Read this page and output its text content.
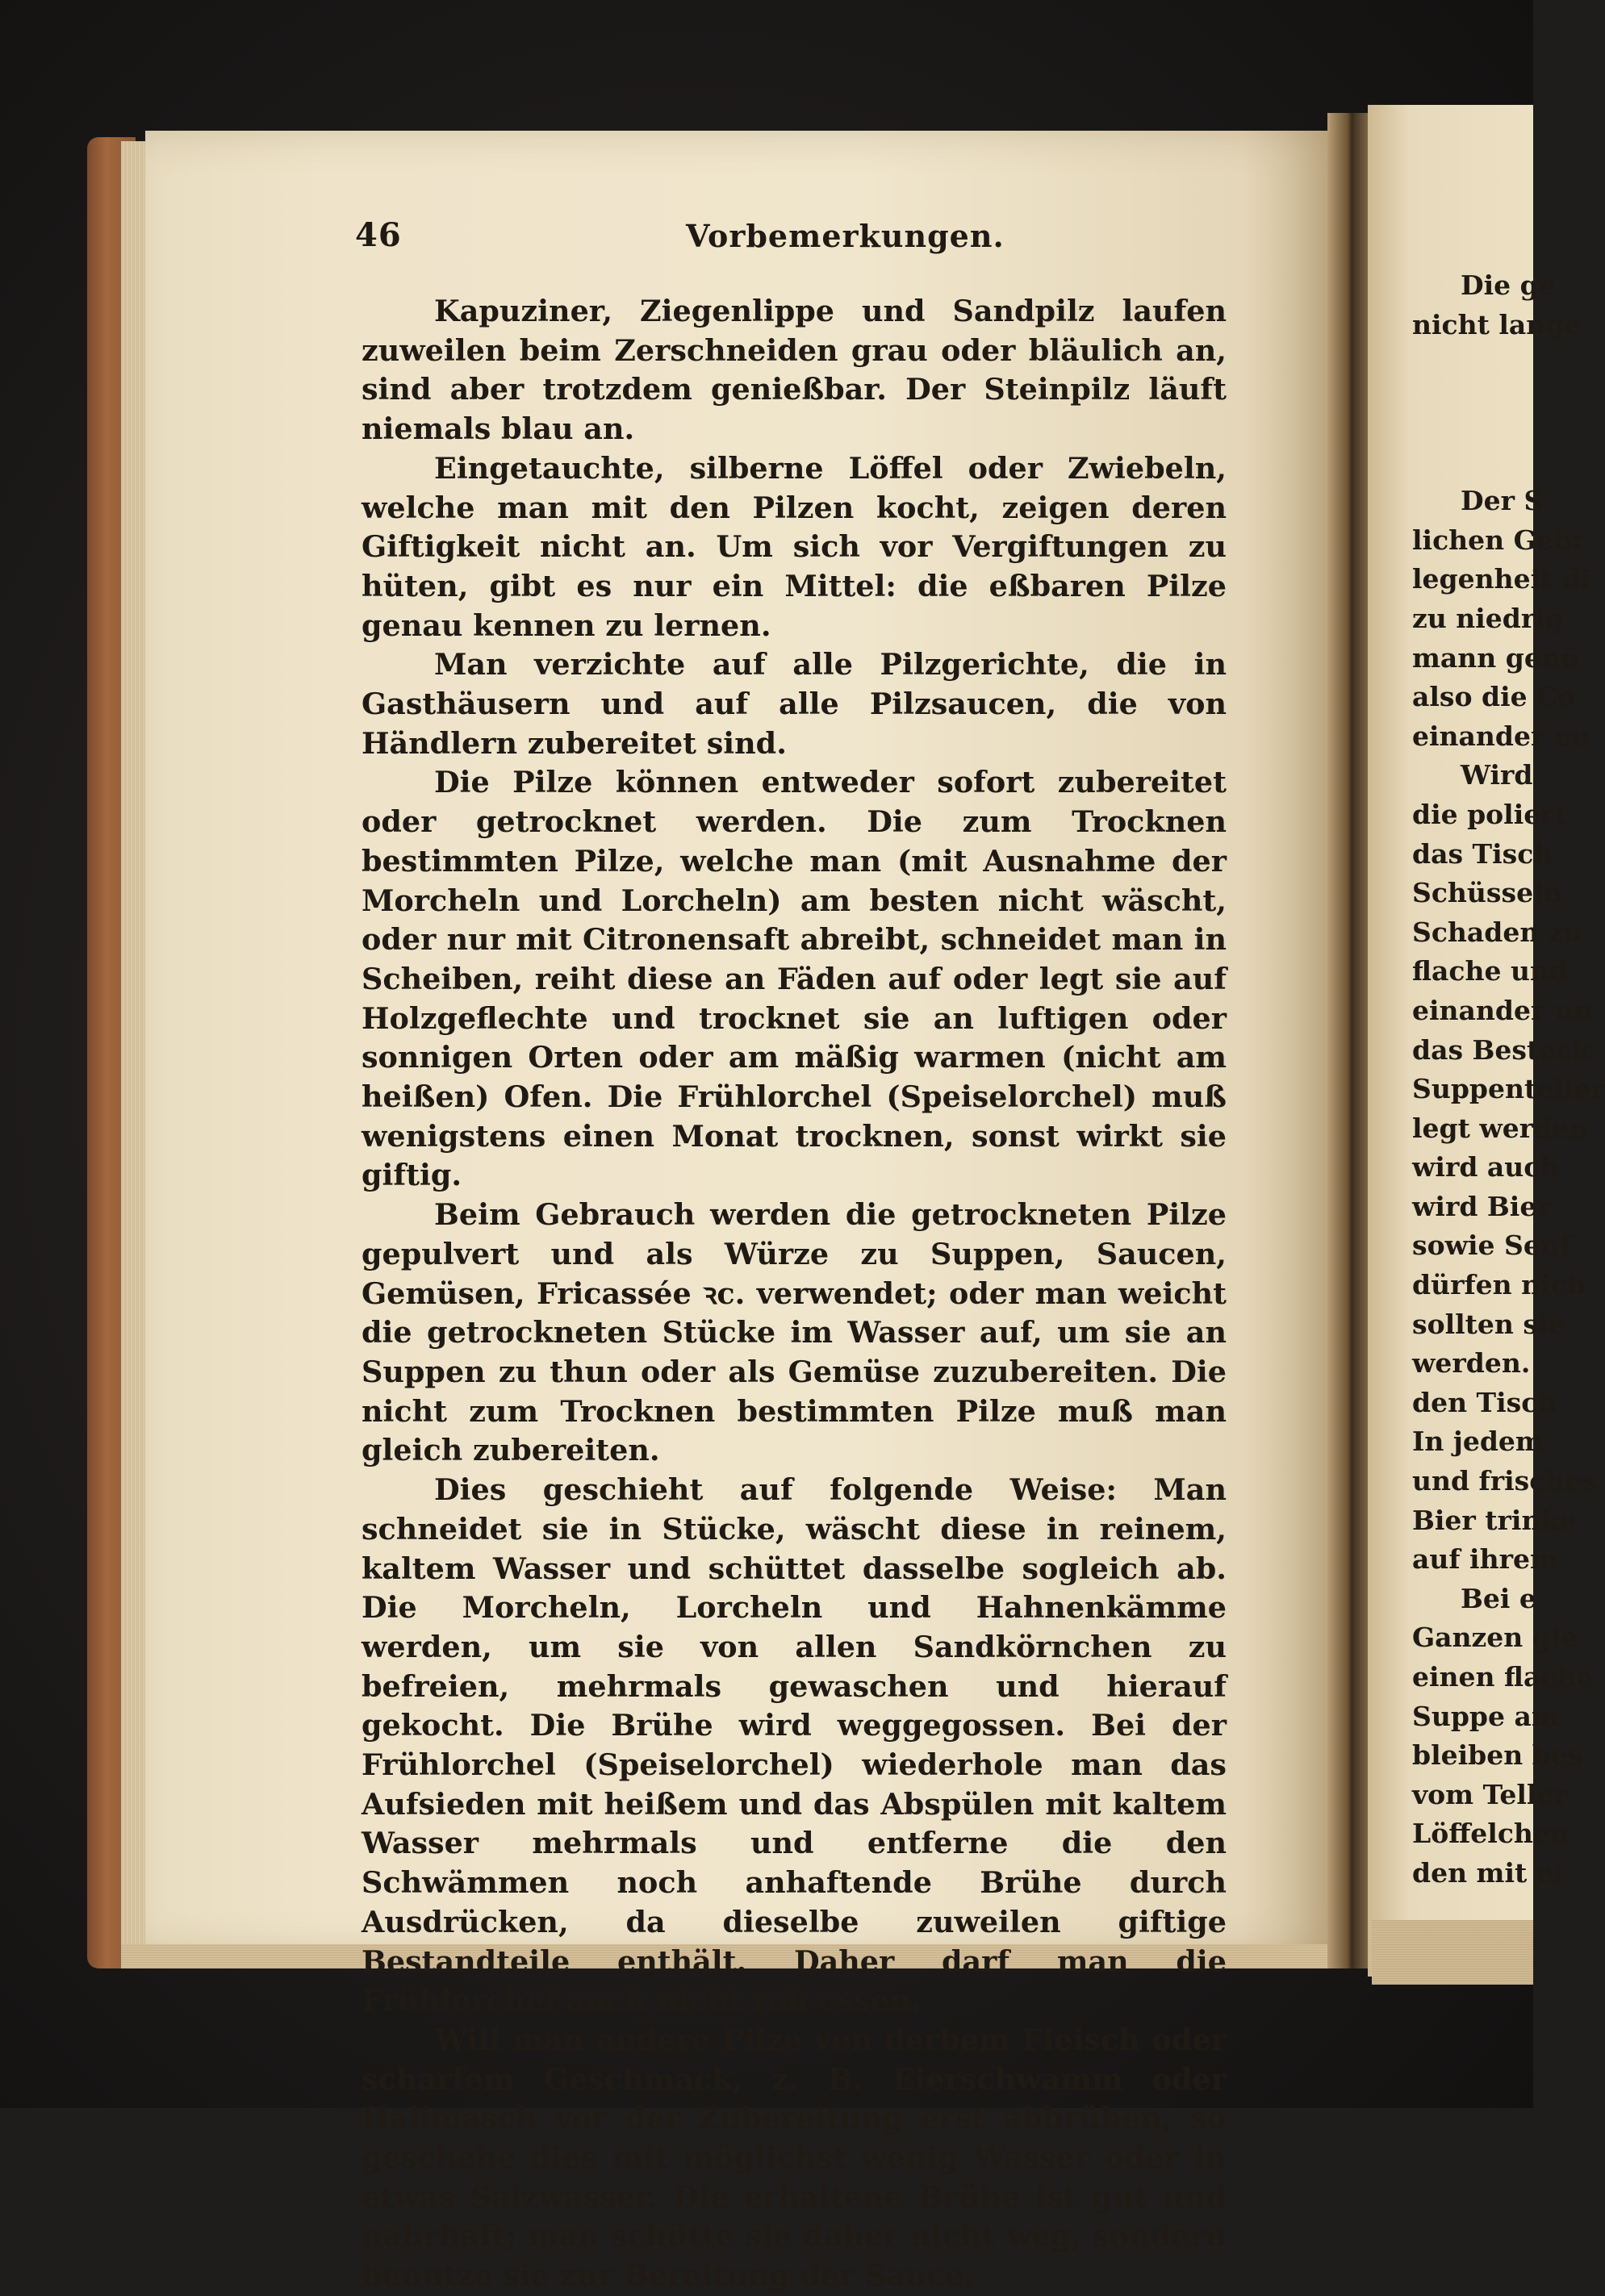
46	Vorbemerkungen.

Kapuziner, Ziegenlippe und Sandpilz laufen zuweilen beim Zerschneiden grau oder bläulich an, sind aber trotzdem genießbar. Der Steinpilz läuft niemals blau an.

Eingetauchte, silberne Löffel oder Zwiebeln, welche man mit den Pilzen kocht, zeigen deren Giftigkeit nicht an. Um sich vor Vergiftungen zu hüten, gibt es nur ein Mittel: die eßbaren Pilze genau kennen zu lernen.

Man verzichte auf alle Pilzgerichte, die in Gasthäusern und auf alle Pilzsaucen, die von Händlern zubereitet sind.

Die Pilze können entweder sofort zubereitet oder getrocknet werden. Die zum Trocknen bestimmten Pilze, welche man (mit Ausnahme der Morcheln und Lorcheln) am besten nicht wäscht, oder nur mit Citronensaft abreibt, schneidet man in Scheiben, reiht diese an Fäden auf oder legt sie auf Holzgeflechte und trocknet sie an luftigen oder sonnigen Orten oder am mäßig warmen (nicht am heißen) Ofen. Die Frühlorchel (Speiselorchel) muß wenigstens einen Monat trocknen, sonst wirkt sie giftig.

Beim Gebrauch werden die getrockneten Pilze gepulvert und als Würze zu Suppen, Saucen, Gemüsen, Fricassée ꝛc. verwendet; oder man weicht die getrockneten Stücke im Wasser auf, um sie an Suppen zu thun oder als Gemüse zuzubereiten. Die nicht zum Trocknen bestimmten Pilze muß man gleich zubereiten.

Dies geschieht auf folgende Weise: Man schneidet sie in Stücke, wäscht diese in reinem, kaltem Wasser und schüttet dasselbe sogleich ab. Die Morcheln, Lorcheln und Hahnenkämme werden, um sie von allen Sandkörnchen zu befreien, mehrmals gewaschen und hierauf gekocht. Die Brühe wird weggegossen. Bei der Frühlorchel (Speiselorchel) wiederhole man das Aufsieden mit heißem und das Abspülen mit kaltem Wasser mehrmals und entferne die den Schwämmen noch anhaftende Brühe durch Ausdrücken, da dieselbe zuweilen giftige Bestandteile enthält. Daher darf man die Frühlorchel auch nicht roh essen.

Will man andere Pilze von derbem Fleisch oder scharfem Geschmack, z. B. Eierschwamm oder Halimasch vor der Zubereitung erst abbrühen, so geschehe dies mit möglichst wenig Wasser oder in etwas Salzwasser. Die erhaltene Brühe ist gut und nahrhaft; man schütte sie daher nicht weg, sondern benutze sie zur Bereitung der Sauce.

Die ge
nicht lange
Der S
lichen Gebr
legenheit di
zu niedrig
mann genü
also die Co
einander en
Wird
die poliert
das Tisch
Schüsseln
Schaden zu
flache und
einander un
das Besteck
Suppenteller
legt werden
wird auch
wird Bier
sowie Senf
dürfen nich
sollten sie
werden.
den Tisch
In jedem
und frisches
Bier trinke
auf ihrem
Bei e
Ganzen gle
einen flache
Suppe am
bleiben bes
vom Teller
Löffelchen
den mit ei
